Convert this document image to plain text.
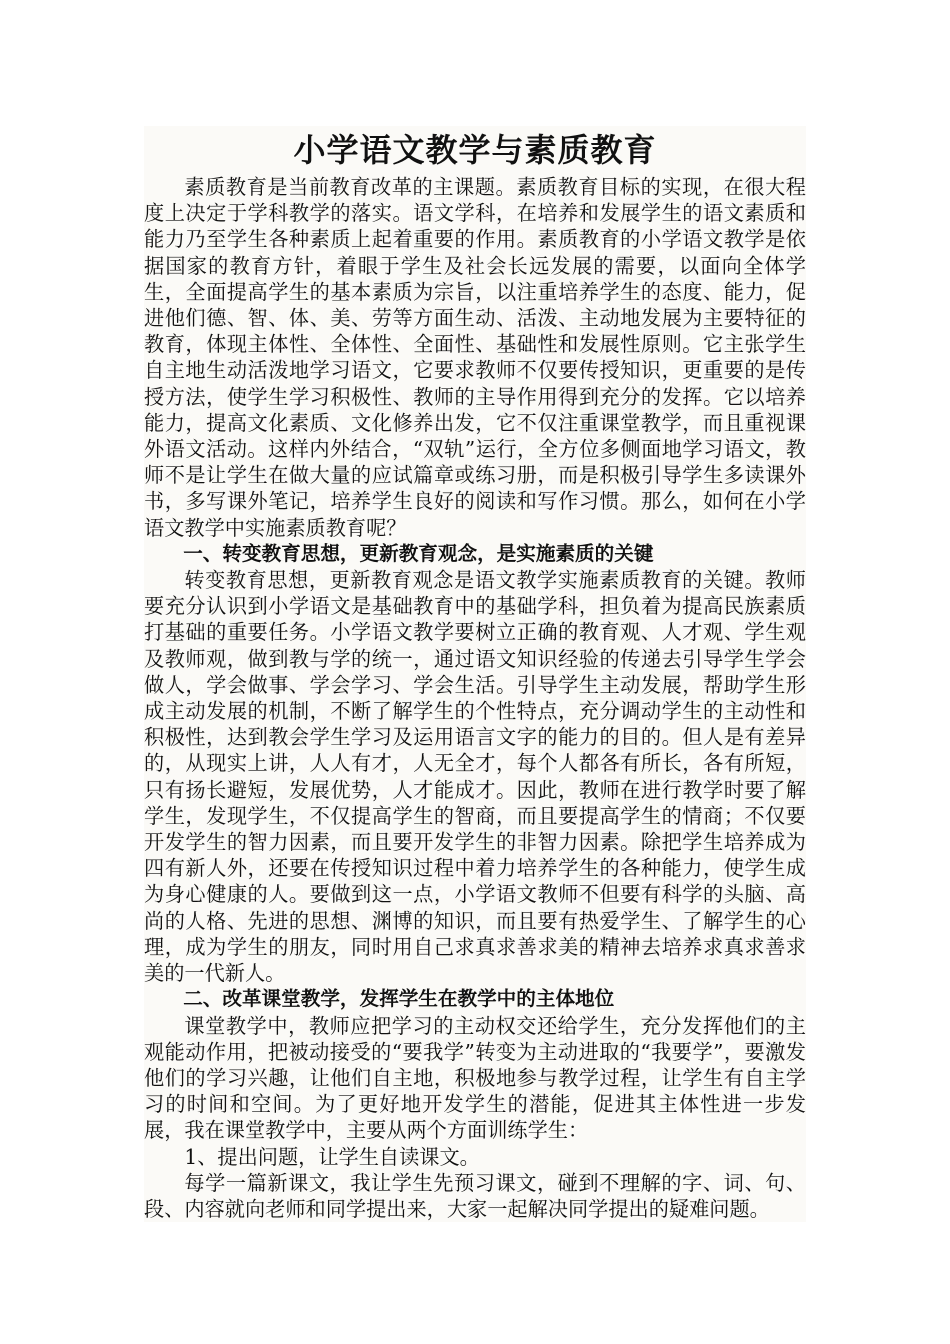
小学语文教学与素质教育

素质教育是当前教育改革的主课题。素质教育目标的实现，在很大程度上决定于学科教学的落实。语文学科，在培养和发展学生的语文素质和能力乃至学生各种素质上起着重要的作用。素质教育的小学语文教学是依据国家的教育方针，着眼于学生及社会长远发展的需要，以面向全体学生，全面提高学生的基本素质为宗旨，以注重培养学生的态度、能力，促进他们德、智、体、美、劳等方面生动、活泼、主动地发展为主要特征的教育，体现主体性、全体性、全面性、基础性和发展性原则。它主张学生自主地生动活泼地学习语文，它要求教师不仅要传授知识，更重要的是传授方法，使学生学习积极性、教师的主导作用得到充分的发挥。它以培养能力，提高文化素质、文化修养出发，它不仅注重课堂教学，而且重视课外语文活动。这样内外结合，“双轨”运行，全方位多侧面地学习语文，教师不是让学生在做大量的应试篇章或练习册，而是积极引导学生多读课外书，多写课外笔记，培养学生良好的阅读和写作习惯。那么，如何在小学语文教学中实施素质教育呢？

一、转变教育思想，更新教育观念，是实施素质的关键

转变教育思想，更新教育观念是语文教学实施素质教育的关键。教师要充分认识到小学语文是基础教育中的基础学科，担负着为提高民族素质打基础的重要任务。小学语文教学要树立正确的教育观、人才观、学生观及教师观，做到教与学的统一，通过语文知识经验的传递去引导学生学会做人，学会做事、学会学习、学会生活。引导学生主动发展，帮助学生形成主动发展的机制，不断了解学生的个性特点，充分调动学生的主动性和积极性，达到教会学生学习及运用语言文字的能力的目的。但人是有差异的，从现实上讲，人人有才，人无全才，每个人都各有所长，各有所短，只有扬长避短，发展优势，人才能成才。因此，教师在进行教学时要了解学生，发现学生，不仅提高学生的智商，而且要提高学生的情商；不仅要开发学生的智力因素，而且要开发学生的非智力因素。除把学生培养成为四有新人外，还要在传授知识过程中着力培养学生的各种能力，使学生成为身心健康的人。要做到这一点，小学语文教师不但要有科学的头脑、高尚的人格、先进的思想、渊博的知识，而且要有热爱学生、了解学生的心理，成为学生的朋友，同时用自己求真求善求美的精神去培养求真求善求美的一代新人。

二、改革课堂教学，发挥学生在教学中的主体地位

课堂教学中，教师应把学习的主动权交还给学生，充分发挥他们的主观能动作用，把被动接受的“要我学”转变为主动进取的“我要学”，要激发他们的学习兴趣，让他们自主地，积极地参与教学过程，让学生有自主学习的时间和空间。为了更好地开发学生的潜能，促进其主体性进一步发展，我在课堂教学中，主要从两个方面训练学生：

1、提出问题，让学生自读课文。

每学一篇新课文，我让学生先预习课文，碰到不理解的字、词、句、段、内容就向老师和同学提出来，大家一起解决同学提出的疑难问题。
